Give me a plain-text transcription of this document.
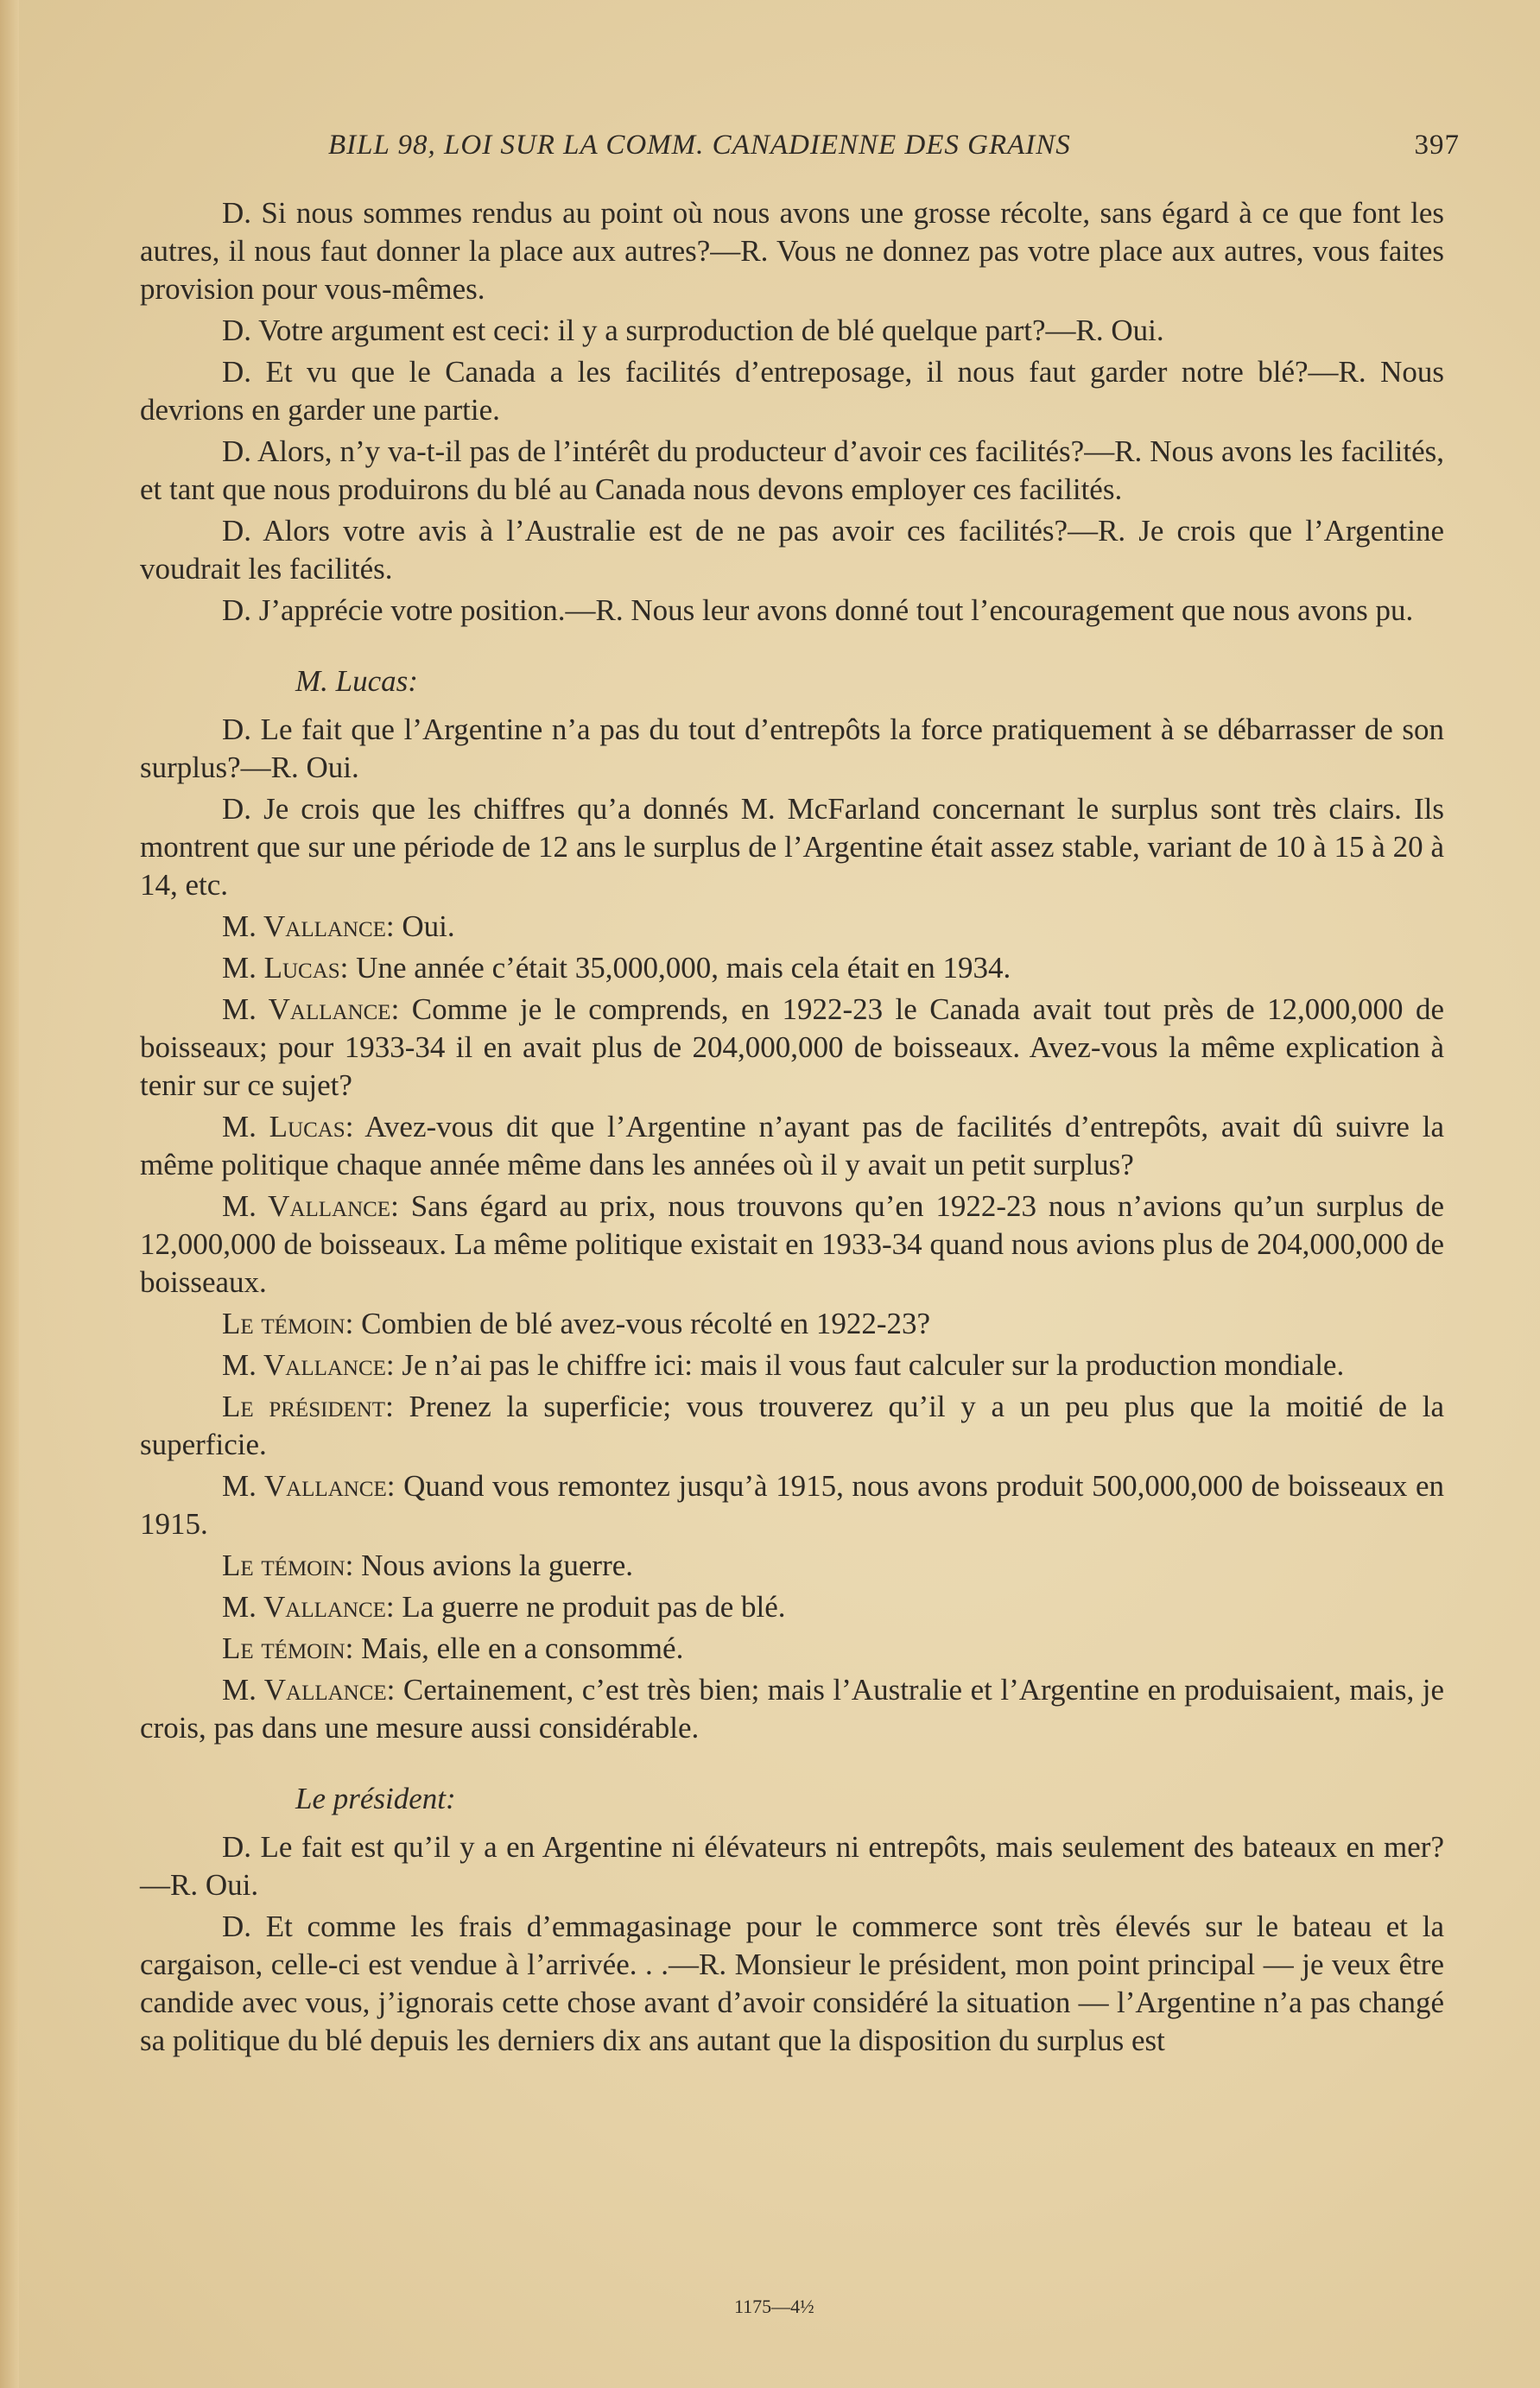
BILL 98, LOI SUR LA COMM. CANADIENNE DES GRAINS	397

D. Si nous sommes rendus au point où nous avons une grosse récolte, sans égard à ce que font les autres, il nous faut donner la place aux autres?—R. Vous ne donnez pas votre place aux autres, vous faites provision pour vous-mêmes.

D. Votre argument est ceci: il y a surproduction de blé quelque part?—R. Oui.

D. Et vu que le Canada a les facilités d’entreposage, il nous faut garder notre blé?—R. Nous devrions en garder une partie.

D. Alors, n’y va-t-il pas de l’intérêt du producteur d’avoir ces facilités?—R. Nous avons les facilités, et tant que nous produirons du blé au Canada nous devons employer ces facilités.

D. Alors votre avis à l’Australie est de ne pas avoir ces facilités?—R. Je crois que l’Argentine voudrait les facilités.

D. J’apprécie votre position.—R. Nous leur avons donné tout l’encouragement que nous avons pu.

M. Lucas:

D. Le fait que l’Argentine n’a pas du tout d’entrepôts la force pratiquement à se débarrasser de son surplus?—R. Oui.

D. Je crois que les chiffres qu’a donnés M. McFarland concernant le surplus sont très clairs. Ils montrent que sur une période de 12 ans le surplus de l’Argentine était assez stable, variant de 10 à 15 à 20 à 14, etc.

M. Vallance: Oui.

M. Lucas: Une année c’était 35,000,000, mais cela était en 1934.

M. Vallance: Comme je le comprends, en 1922-23 le Canada avait tout près de 12,000,000 de boisseaux; pour 1933-34 il en avait plus de 204,000,000 de boisseaux. Avez-vous la même explication à tenir sur ce sujet?

M. Lucas: Avez-vous dit que l’Argentine n’ayant pas de facilités d’entrepôts, avait dû suivre la même politique chaque année même dans les années où il y avait un petit surplus?

M. Vallance: Sans égard au prix, nous trouvons qu’en 1922-23 nous n’avions qu’un surplus de 12,000,000 de boisseaux. La même politique existait en 1933-34 quand nous avions plus de 204,000,000 de boisseaux.

Le témoin: Combien de blé avez-vous récolté en 1922-23?

M. Vallance: Je n’ai pas le chiffre ici: mais il vous faut calculer sur la production mondiale.

Le président: Prenez la superficie; vous trouverez qu’il y a un peu plus que la moitié de la superficie.

M. Vallance: Quand vous remontez jusqu’à 1915, nous avons produit 500,000,000 de boisseaux en 1915.

Le témoin: Nous avions la guerre.

M. Vallance: La guerre ne produit pas de blé.

Le témoin: Mais, elle en a consommé.

M. Vallance: Certainement, c’est très bien; mais l’Australie et l’Argentine en produisaient, mais, je crois, pas dans une mesure aussi considérable.

Le président:

D. Le fait est qu’il y a en Argentine ni élévateurs ni entrepôts, mais seulement des bateaux en mer?—R. Oui.

D. Et comme les frais d’emmagasinage pour le commerce sont très élevés sur le bateau et la cargaison, celle-ci est vendue à l’arrivée. . .—R. Monsieur le président, mon point principal — je veux être candide avec vous, j’ignorais cette chose avant d’avoir considéré la situation — l’Argentine n’a pas changé sa politique du blé depuis les derniers dix ans autant que la disposition du surplus est

1175—4½
